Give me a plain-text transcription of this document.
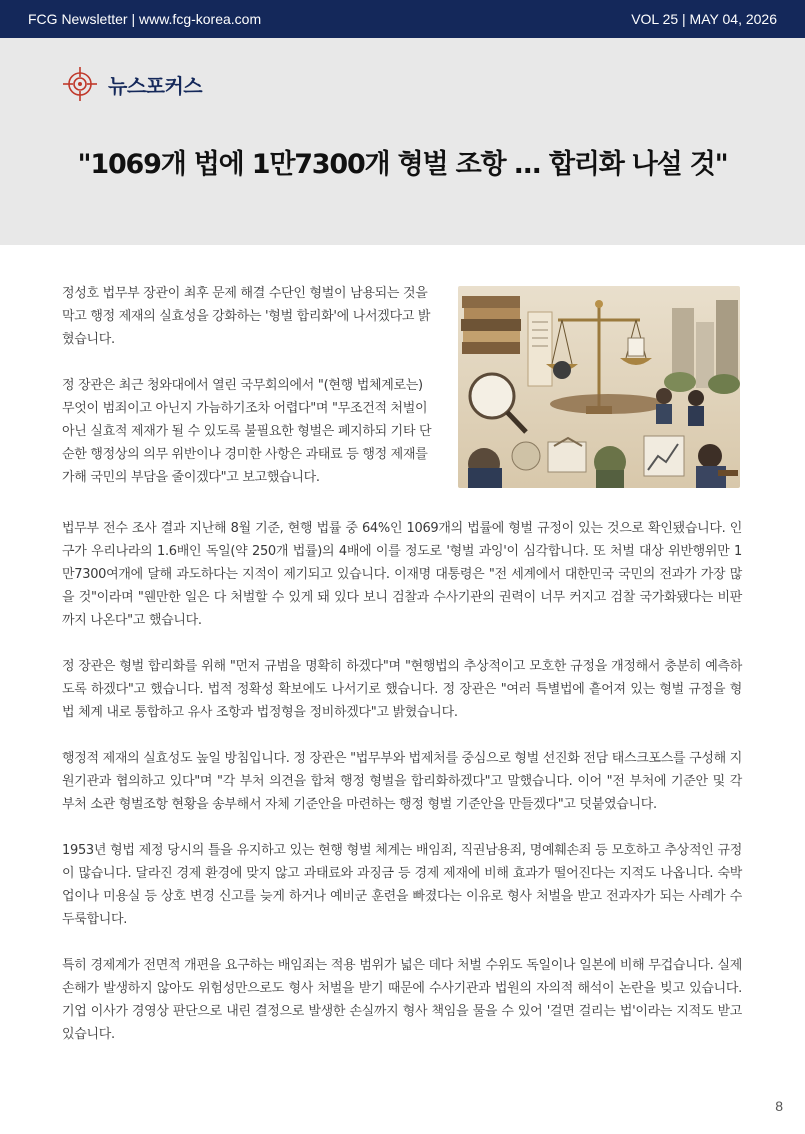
FCG Newsletter | www.fcg-korea.com	VOL 25 | MAY 04, 2026
뉴스포커스
"1069개 법에 1만7300개 형벌 조항 ... 합리화 나설 것"

정성호 법무부 장관이 최후 문제 해결 수단인 형벌이 남용되는 것을 막고 행정 제재의 실효성을 강화하는 '형벌 합리화'에 나서겠다고 밝혔습니다.

정 장관은 최근 청와대에서 열린 국무회의에서 "(현행 법체계로는) 무엇이 범죄이고 아닌지 가늠하기조차 어렵다"며 "무조건적 처벌이 아닌 실효적 제재가 될 수 있도록 불필요한 형벌은 폐지하되 기타 단순한 행정상의 의무 위반이나 경미한 사항은 과태료 등 행정 제재를 가해 국민의 부담을 줄이겠다"고 보고했습니다.

법무부 전수 조사 결과 지난해 8월 기준, 현행 법률 중 64%인 1069개의 법률에 형벌 규정이 있는 것으로 확인됐습니다. 인구가 우리나라의 1.6배인 독일(약 250개 법률)의 4배에 이를 정도로 '형벌 과잉'이 심각합니다. 또 처벌 대상 위반행위만 1만7300여개에 달해 과도하다는 지적이 제기되고 있습니다. 이재명 대통령은 "전 세계에서 대한민국 국민의 전과가 가장 많을 것"이라며 "웬만한 일은 다 처벌할 수 있게 돼 있다 보니 검찰과 수사기관의 권력이 너무 커지고 검찰 국가화됐다는 비판까지 나온다"고 했습니다.

정 장관은 형벌 합리화를 위해 "먼저 규범을 명확히 하겠다"며 "현행법의 추상적이고 모호한 규정을 개정해서 충분히 예측하도록 하겠다"고 했습니다. 법적 정확성 확보에도 나서기로 했습니다. 정 장관은 "여러 특별법에 흩어져 있는 형벌 규정을 형법 체계 내로 통합하고 유사 조항과 법정형을 정비하겠다"고 밝혔습니다.

행정적 제재의 실효성도 높일 방침입니다. 정 장관은 "법무부와 법제처를 중심으로 형벌 선진화 전담 태스크포스를 구성해 지원기관과 협의하고 있다"며 "각 부처 의견을 합쳐 행정 형벌을 합리화하겠다"고 말했습니다. 이어 "전 부처에 기준안 및 각 부처 소관 형벌조항 현황을 송부해서 자체 기준안을 마련하는 행정 형벌 기준안을 만들겠다"고 덧붙였습니다.

1953년 형법 제정 당시의 틀을 유지하고 있는 현행 형벌 체계는 배임죄, 직권남용죄, 명예훼손죄 등 모호하고 추상적인 규정이 많습니다. 달라진 경제 환경에 맞지 않고 과태료와 과징금 등 경제 제재에 비해 효과가 떨어진다는 지적도 나옵니다. 숙박업이나 미용실 등 상호 변경 신고를 늦게 하거나 예비군 훈련을 빠졌다는 이유로 형사 처벌을 받고 전과자가 되는 사례가 수두룩합니다.

특히 경제계가 전면적 개편을 요구하는 배임죄는 적용 범위가 넓은 데다 처벌 수위도 독일이나 일본에 비해 무겁습니다. 실제 손해가 발생하지 않아도 위험성만으로도 형사 처벌을 받기 때문에 수사기관과 법원의 자의적 해석이 논란을 빚고 있습니다. 기업 이사가 경영상 판단으로 내린 결정으로 발생한 손실까지 형사 책임을 물을 수 있어 '걸면 걸리는 법'이라는 지적도 받고 있습니다.

8
